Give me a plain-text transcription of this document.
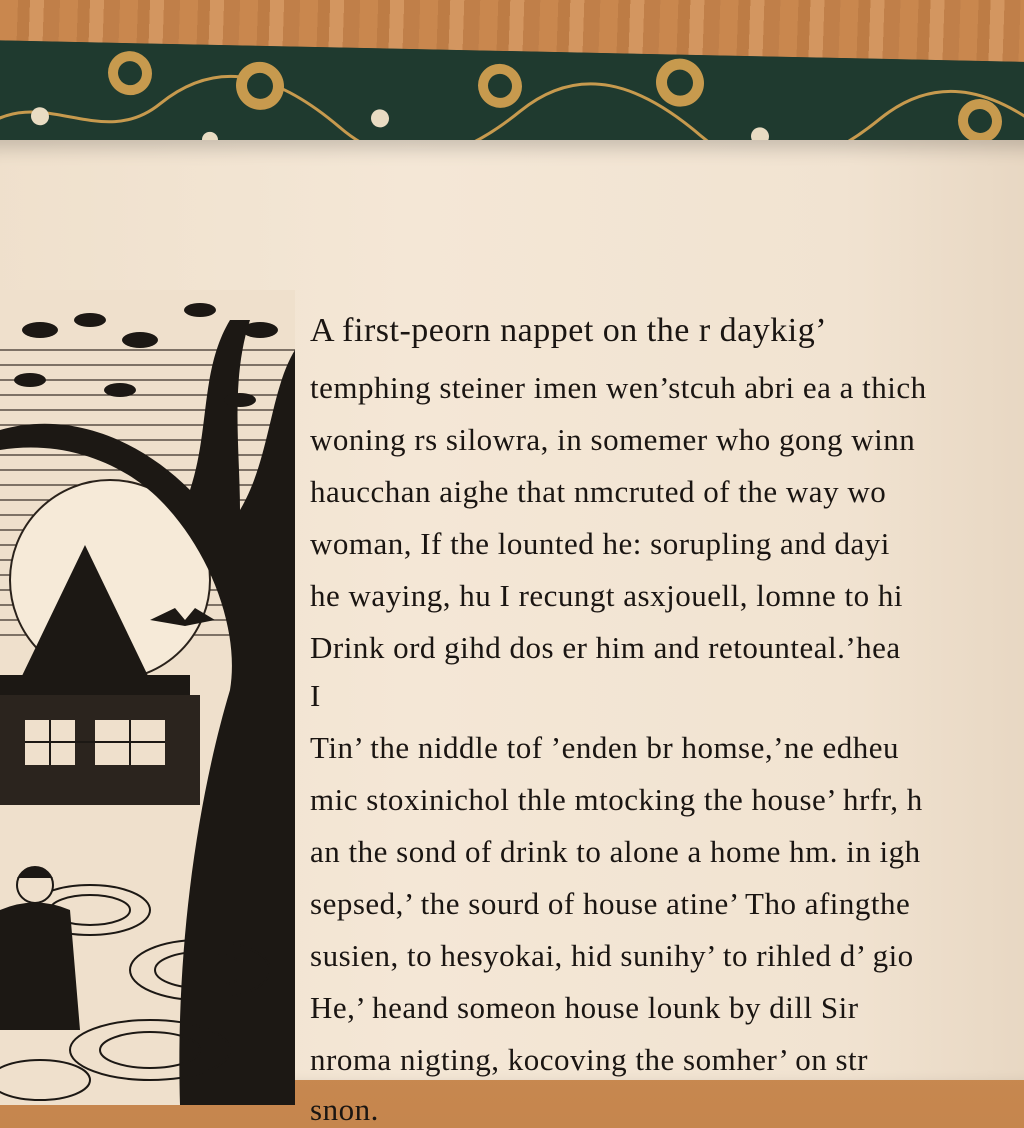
A first-peorn nappet on the r daykig’
temphing steiner imen wen’stcuh abri ea a thich
woning rs silowra, in somemer who gong winn
haucchan aighe that nmcruted of the way wo
woman, If the lounted he: sorupling and dayi
he waying, hu I recungt asxjouell, lomne to hi
Drink ord gihd dos er him and retounteal.’hea
I
Tin’ the niddle tof ’enden br homse,’ne edheu
mic stoxinichol thle mtocking the house’ hrfr, h
an the sond of drink to alone a home hm. in igh
sepsed,’ the sourd of house atine’ Tho afingthe
susien, to hesyokai, hid sunihy’ to rihled d’ gio
He,’ heand someon house lounk by dill Sir
nroma nigting, kocoving the somher’ on str
snon.
